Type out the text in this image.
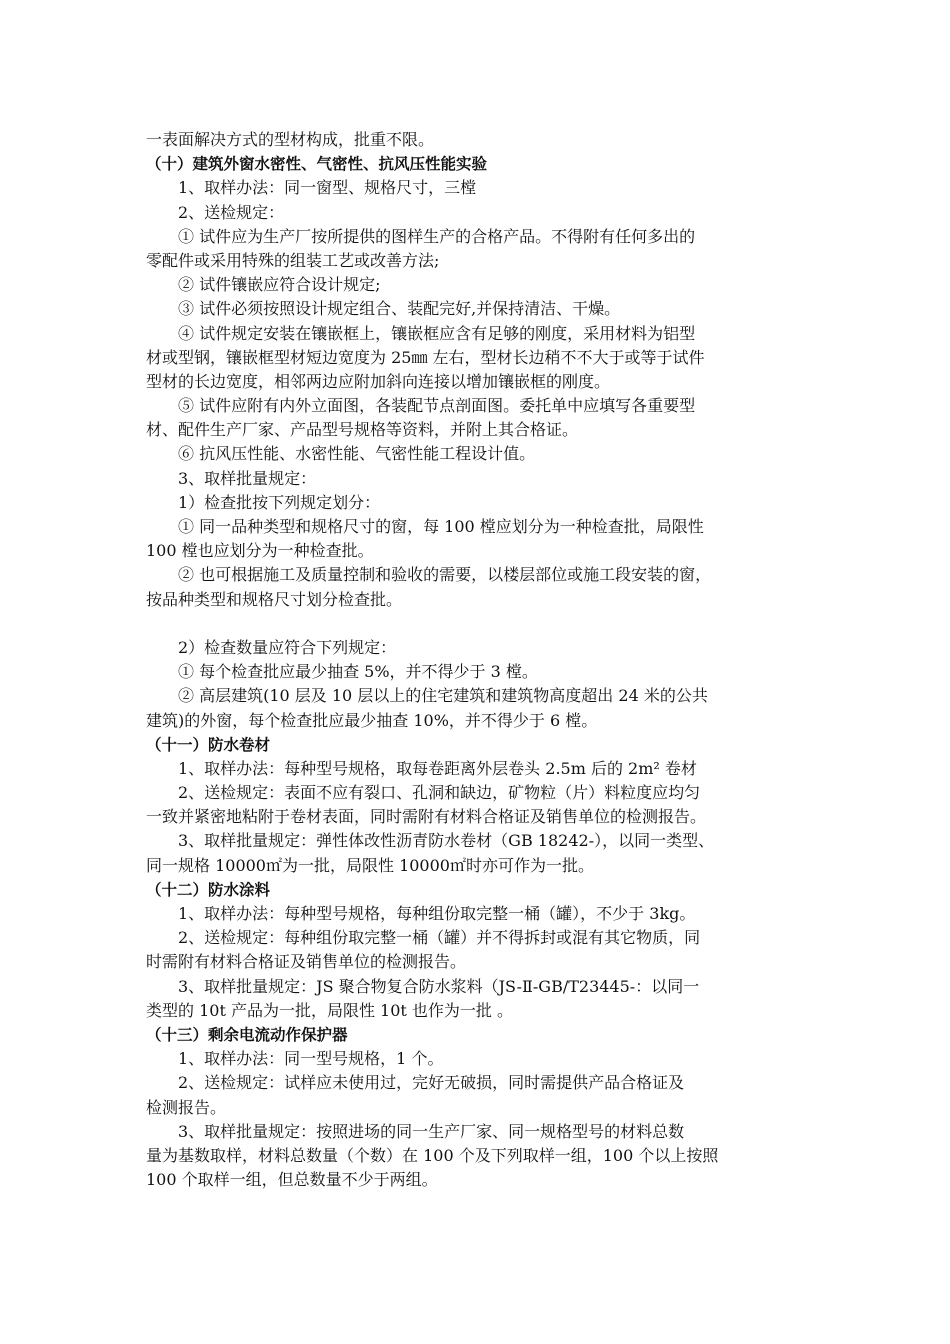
一表面解决方式的型材构成，批重不限。
（十）建筑外窗水密性、气密性、抗风压性能实验
1、取样办法：同一窗型、规格尺寸，三樘
2、送检规定：
① 试件应为生产厂按所提供的图样生产的合格产品。不得附有任何多出的
零配件或采用特殊的组装工艺或改善方法;
② 试件镶嵌应符合设计规定;
③ 试件必须按照设计规定组合、装配完好,并保持清洁、干燥。
④ 试件规定安装在镶嵌框上，镶嵌框应含有足够的刚度，采用材料为铝型
材或型钢，镶嵌框型材短边宽度为 25㎜ 左右，型材长边稍不不大于或等于试件
型材的长边宽度，相邻两边应附加斜向连接以增加镶嵌框的刚度。
⑤ 试件应附有内外立面图，各装配节点剖面图。委托单中应填写各重要型
材、配件生产厂家、产品型号规格等资料，并附上其合格证。
⑥ 抗风压性能、水密性能、气密性能工程设计值。
3、取样批量规定：
1）检查批按下列规定划分：
① 同一品种类型和规格尺寸的窗，每 100 樘应划分为一种检查批，局限性
100 樘也应划分为一种检查批。
② 也可根据施工及质量控制和验收的需要，以楼层部位或施工段安装的窗，
按品种类型和规格尺寸划分检查批。
2）检查数量应符合下列规定：
① 每个检查批应最少抽查 5%，并不得少于 3 樘。
② 高层建筑(10 层及 10 层以上的住宅建筑和建筑物高度超出 24 米的公共
建筑)的外窗，每个检查批应最少抽查 10%，并不得少于 6 樘。
（十一）防水卷材
1、取样办法：每种型号规格，取每卷距离外层卷头 2.5m 后的 2m² 卷材
2、送检规定：表面不应有裂口、孔洞和缺边，矿物粒（片）料粒度应均匀
一致并紧密地粘附于卷材表面，同时需附有材料合格证及销售单位的检测报告。
3、取样批量规定：弹性体改性沥青防水卷材（GB 18242-），以同一类型、
同一规格 10000㎡为一批，局限性 10000㎡时亦可作为一批。
（十二）防水涂料
1、取样办法：每种型号规格，每种组份取完整一桶（罐），不少于 3kg。
2、送检规定：每种组份取完整一桶（罐）并不得拆封或混有其它物质，同
时需附有材料合格证及销售单位的检测报告。
3、取样批量规定：JS 聚合物复合防水浆料（JS-Ⅱ-GB/T23445-：以同一
类型的 10t 产品为一批，局限性 10t 也作为一批 。
（十三）剩余电流动作保护器
1、取样办法：同一型号规格，1 个。
2、送检规定：试样应未使用过，完好无破损，同时需提供产品合格证及
检测报告。
3、取样批量规定：按照进场的同一生产厂家、同一规格型号的材料总数
量为基数取样，材料总数量（个数）在 100 个及下列取样一组，100 个以上按照
100 个取样一组，但总数量不少于两组。
